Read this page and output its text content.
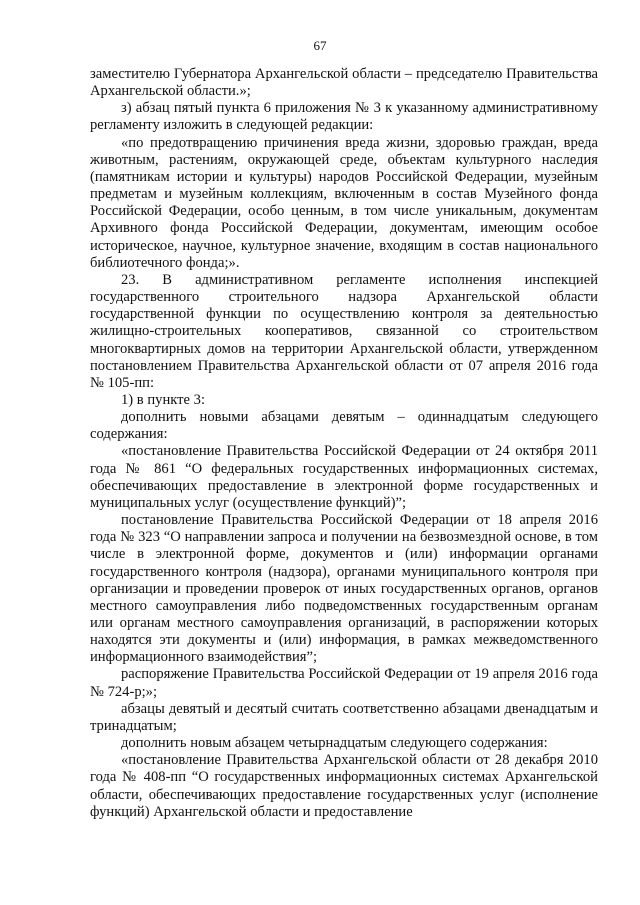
67

заместителю Губернатора Архангельской области – председателю Правительства Архангельской области.»;

з) абзац пятый пункта 6 приложения № 3 к указанному административному регламенту изложить в следующей редакции:

«по предотвращению причинения вреда жизни, здоровью граждан, вреда животным, растениям, окружающей среде, объектам культурного наследия (памятникам истории и культуры) народов Российской Федерации, музейным предметам и музейным коллекциям, включенным в состав Музейного фонда Российской Федерации, особо ценным, в том числе уникальным, документам Архивного фонда Российской Федерации, документам, имеющим особое историческое, научное, культурное значение, входящим в состав национального библиотечного фонда;».

23. В административном регламенте исполнения инспекцией государственного строительного надзора Архангельской области государственной функции по осуществлению контроля за деятельностью жилищно-строительных кооперативов, связанной со строительством многоквартирных домов на территории Архангельской области, утвержденном постановлением Правительства Архангельской области от 07 апреля 2016 года № 105-пп:

1) в пункте 3:

дополнить новыми абзацами девятым – одиннадцатым следующего содержания:

«постановление Правительства Российской Федерации от 24 октября 2011 года № 861 “О федеральных государственных информационных системах, обеспечивающих предоставление в электронной форме государственных и муниципальных услуг (осуществление функций)”;

постановление Правительства Российской Федерации от 18 апреля 2016 года № 323 “О направлении запроса и получении на безвозмездной основе, в том числе в электронной форме, документов и (или) информации органами государственного контроля (надзора), органами муниципального контроля при организации и проведении проверок от иных государственных органов, органов местного самоуправления либо подведомственных государственным органам или органам местного самоуправления организаций, в распоряжении которых находятся эти документы и (или) информация, в рамках межведомственного информационного взаимодействия”;

распоряжение Правительства Российской Федерации от 19 апреля 2016 года № 724-р;»;

абзацы девятый и десятый считать соответственно абзацами двенадцатым и тринадцатым;

дополнить новым абзацем четырнадцатым следующего содержания:

«постановление Правительства Архангельской области от 28 декабря 2010 года № 408-пп “О государственных информационных системах Архангельской области, обеспечивающих предоставление государственных услуг (исполнение функций) Архангельской области и предоставление
